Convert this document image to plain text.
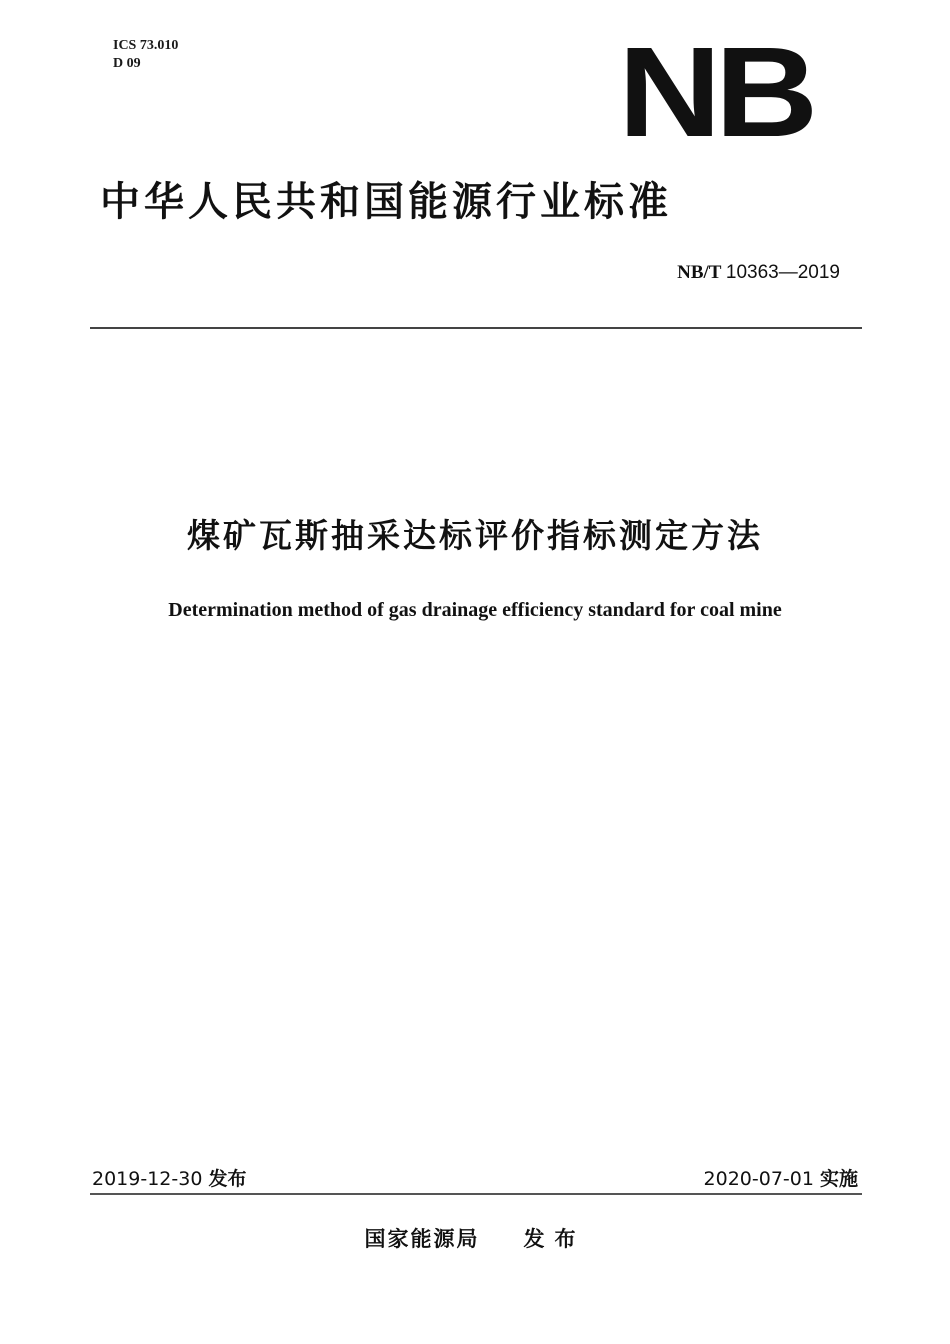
ICS 73.010
D 09	NB
中华人民共和国能源行业标准
NB/T 10363—2019
煤矿瓦斯抽采达标评价指标测定方法
Determination method of gas drainage efficiency standard for coal mine
2019-12-30 发布	2020-07-01 实施
国家能源局 发布
